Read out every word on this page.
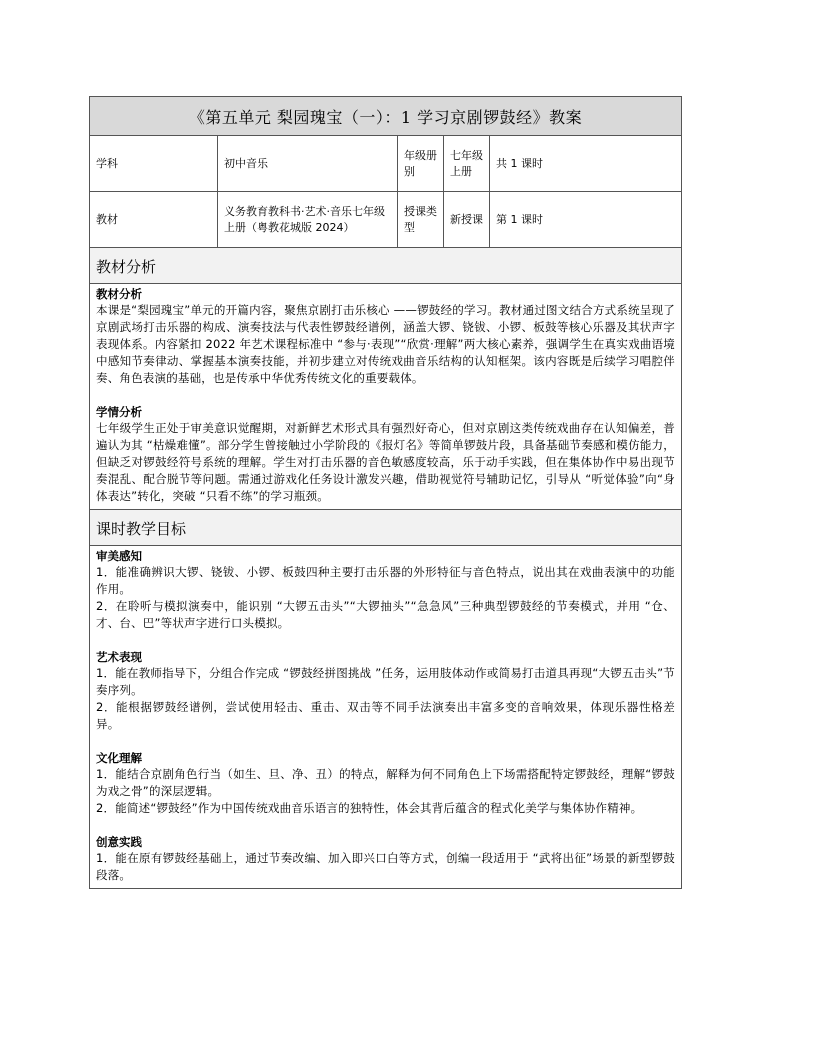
《第五单元 梨园瑰宝（一）：1 学习京剧锣鼓经》教案
学科	初中音乐
年级册别
七年级上册
共 1 课时
教材
义务教育教科书·艺术·音乐七年级上册（粤教花城版 2024）
授课类型
新授课	第 1 课时
教材分析
教材分析
本课是“梨园瑰宝”单元的开篇内容，聚焦京剧打击乐核心 ——锣鼓经的学习。教材通过图文结合方式系统呈现了京剧武场打击乐器的构成、演奏技法与代表性锣鼓经谱例，涵盖大锣、铙钹、小锣、板鼓等核心乐器及其状声字表现体系。内容紧扣 2022 年艺术课程标准中 “参与·表现”“欣赏·理解”两大核心素养，强调学生在真实戏曲语境中感知节奏律动、掌握基本演奏技能，并初步建立对传统戏曲音乐结构的认知框架。该内容既是后续学习唱腔伴奏、角色表演的基础，也是传承中华优秀传统文化的重要载体。
学情分析
七年级学生正处于审美意识觉醒期，对新鲜艺术形式具有强烈好奇心，但对京剧这类传统戏曲存在认知偏差，普遍认为其 “枯燥难懂”。部分学生曾接触过小学阶段的《报灯名》等简单锣鼓片段，具备基础节奏感和模仿能力，但缺乏对锣鼓经符号系统的理解。学生对打击乐器的音色敏感度较高，乐于动手实践，但在集体协作中易出现节奏混乱、配合脱节等问题。需通过游戏化任务设计激发兴趣，借助视觉符号辅助记忆，引导从 “听觉体验”向“身体表达”转化，突破 “只看不练”的学习瓶颈。
课时教学目标
审美感知
1．能准确辨识大锣、铙钹、小锣、板鼓四种主要打击乐器的外形特征与音色特点，说出其在戏曲表演中的功能作用。
2．在聆听与模拟演奏中，能识别 “大锣五击头”“大锣抽头”“急急风”三种典型锣鼓经的节奏模式，并用 “仓、才、台、巴”等状声字进行口头模拟。
艺术表现
1．能在教师指导下，分组合作完成 “锣鼓经拼图挑战 ”任务，运用肢体动作或简易打击道具再现“大锣五击头”节奏序列。
2．能根据锣鼓经谱例，尝试使用轻击、重击、双击等不同手法演奏出丰富多变的音响效果，体现乐器性格差异。
文化理解
1．能结合京剧角色行当（如生、旦、净、丑）的特点，解释为何不同角色上下场需搭配特定锣鼓经，理解“锣鼓为戏之骨”的深层逻辑。
2．能简述“锣鼓经”作为中国传统戏曲音乐语言的独特性，体会其背后蕴含的程式化美学与集体协作精神。
创意实践
1．能在原有锣鼓经基础上，通过节奏改编、加入即兴口白等方式，创编一段适用于 “武将出征”场景的新型锣鼓段落。
